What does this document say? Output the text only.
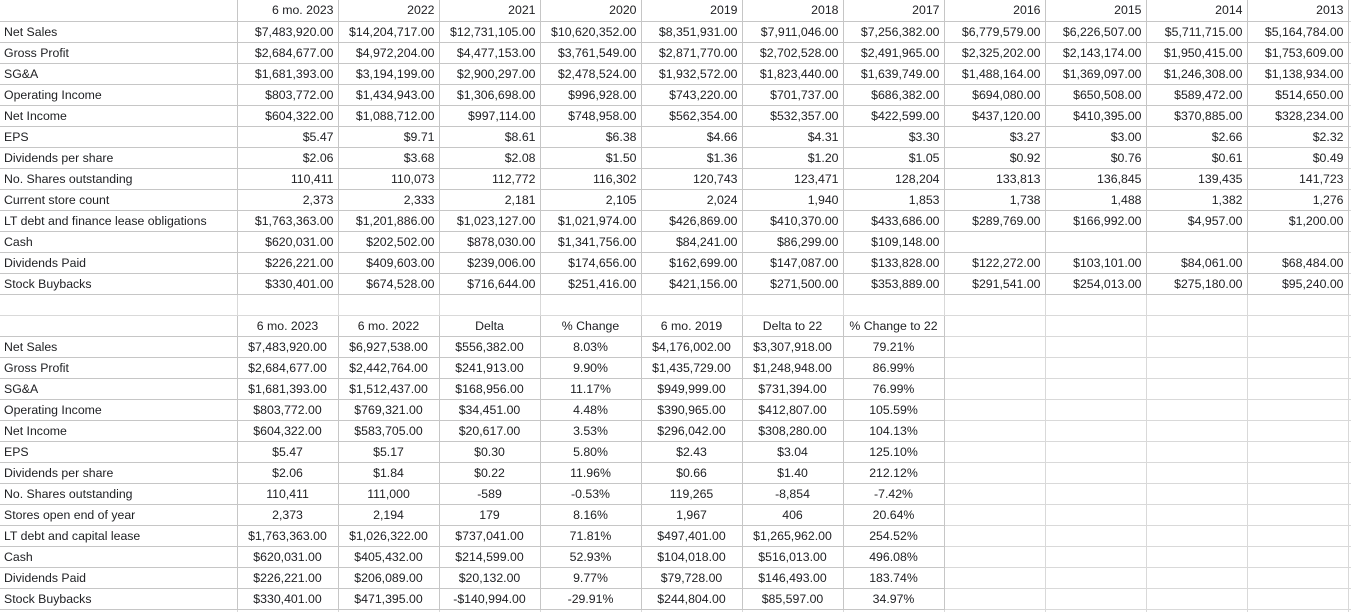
	6 mo. 2023	2022	2021	2020	2019	2018	2017	2016	2015	2014	2013	
Net Sales	$7,483,920.00	$14,204,717.00	$12,731,105.00	$10,620,352.00	$8,351,931.00	$7,911,046.00	$7,256,382.00	$6,779,579.00	$6,226,507.00	$5,711,715.00	$5,164,784.00	
Gross Profit	$2,684,677.00	$4,972,204.00	$4,477,153.00	$3,761,549.00	$2,871,770.00	$2,702,528.00	$2,491,965.00	$2,325,202.00	$2,143,174.00	$1,950,415.00	$1,753,609.00	
SG&A	$1,681,393.00	$3,194,199.00	$2,900,297.00	$2,478,524.00	$1,932,572.00	$1,823,440.00	$1,639,749.00	$1,488,164.00	$1,369,097.00	$1,246,308.00	$1,138,934.00	
Operating Income	$803,772.00	$1,434,943.00	$1,306,698.00	$996,928.00	$743,220.00	$701,737.00	$686,382.00	$694,080.00	$650,508.00	$589,472.00	$514,650.00	
Net Income	$604,322.00	$1,088,712.00	$997,114.00	$748,958.00	$562,354.00	$532,357.00	$422,599.00	$437,120.00	$410,395.00	$370,885.00	$328,234.00	
EPS	$5.47	$9.71	$8.61	$6.38	$4.66	$4.31	$3.30	$3.27	$3.00	$2.66	$2.32	
Dividends per share	$2.06	$3.68	$2.08	$1.50	$1.36	$1.20	$1.05	$0.92	$0.76	$0.61	$0.49	
No. Shares outstanding	110,411	110,073	112,772	116,302	120,743	123,471	128,204	133,813	136,845	139,435	141,723	
Current store count	2,373	2,333	2,181	2,105	2,024	1,940	1,853	1,738	1,488	1,382	1,276	
LT debt and finance lease obligations	$1,763,363.00	$1,201,886.00	$1,023,127.00	$1,021,974.00	$426,869.00	$410,370.00	$433,686.00	$289,769.00	$166,992.00	$4,957.00	$1,200.00	
Cash	$620,031.00	$202,502.00	$878,030.00	$1,341,756.00	$84,241.00	$86,299.00	$109,148.00					
Dividends Paid	$226,221.00	$409,603.00	$239,006.00	$174,656.00	$162,699.00	$147,087.00	$133,828.00	$122,272.00	$103,101.00	$84,061.00	$68,484.00	
Stock Buybacks	$330,401.00	$674,528.00	$716,644.00	$251,416.00	$421,156.00	$271,500.00	$353,889.00	$291,541.00	$254,013.00	$275,180.00	$95,240.00	

	6 mo. 2023	6 mo. 2022	Delta	% Change	6 mo. 2019	Delta to 22	% Change to 22					
Net Sales	$7,483,920.00	$6,927,538.00	$556,382.00	8.03%	$4,176,002.00	$3,307,918.00	79.21%					
Gross Profit	$2,684,677.00	$2,442,764.00	$241,913.00	9.90%	$1,435,729.00	$1,248,948.00	86.99%					
SG&A	$1,681,393.00	$1,512,437.00	$168,956.00	11.17%	$949,999.00	$731,394.00	76.99%					
Operating Income	$803,772.00	$769,321.00	$34,451.00	4.48%	$390,965.00	$412,807.00	105.59%					
Net Income	$604,322.00	$583,705.00	$20,617.00	3.53%	$296,042.00	$308,280.00	104.13%					
EPS	$5.47	$5.17	$0.30	5.80%	$2.43	$3.04	125.10%					
Dividends per share	$2.06	$1.84	$0.22	11.96%	$0.66	$1.40	212.12%					
No. Shares outstanding	110,411	111,000	-589	-0.53%	119,265	-8,854	-7.42%					
Stores open end of year	2,373	2,194	179	8.16%	1,967	406	20.64%					
LT debt and capital lease	$1,763,363.00	$1,026,322.00	$737,041.00	71.81%	$497,401.00	$1,265,962.00	254.52%					
Cash	$620,031.00	$405,432.00	$214,599.00	52.93%	$104,018.00	$516,013.00	496.08%					
Dividends Paid	$226,221.00	$206,089.00	$20,132.00	9.77%	$79,728.00	$146,493.00	183.74%					
Stock Buybacks	$330,401.00	$471,395.00	-$140,994.00	-29.91%	$244,804.00	$85,597.00	34.97%					
